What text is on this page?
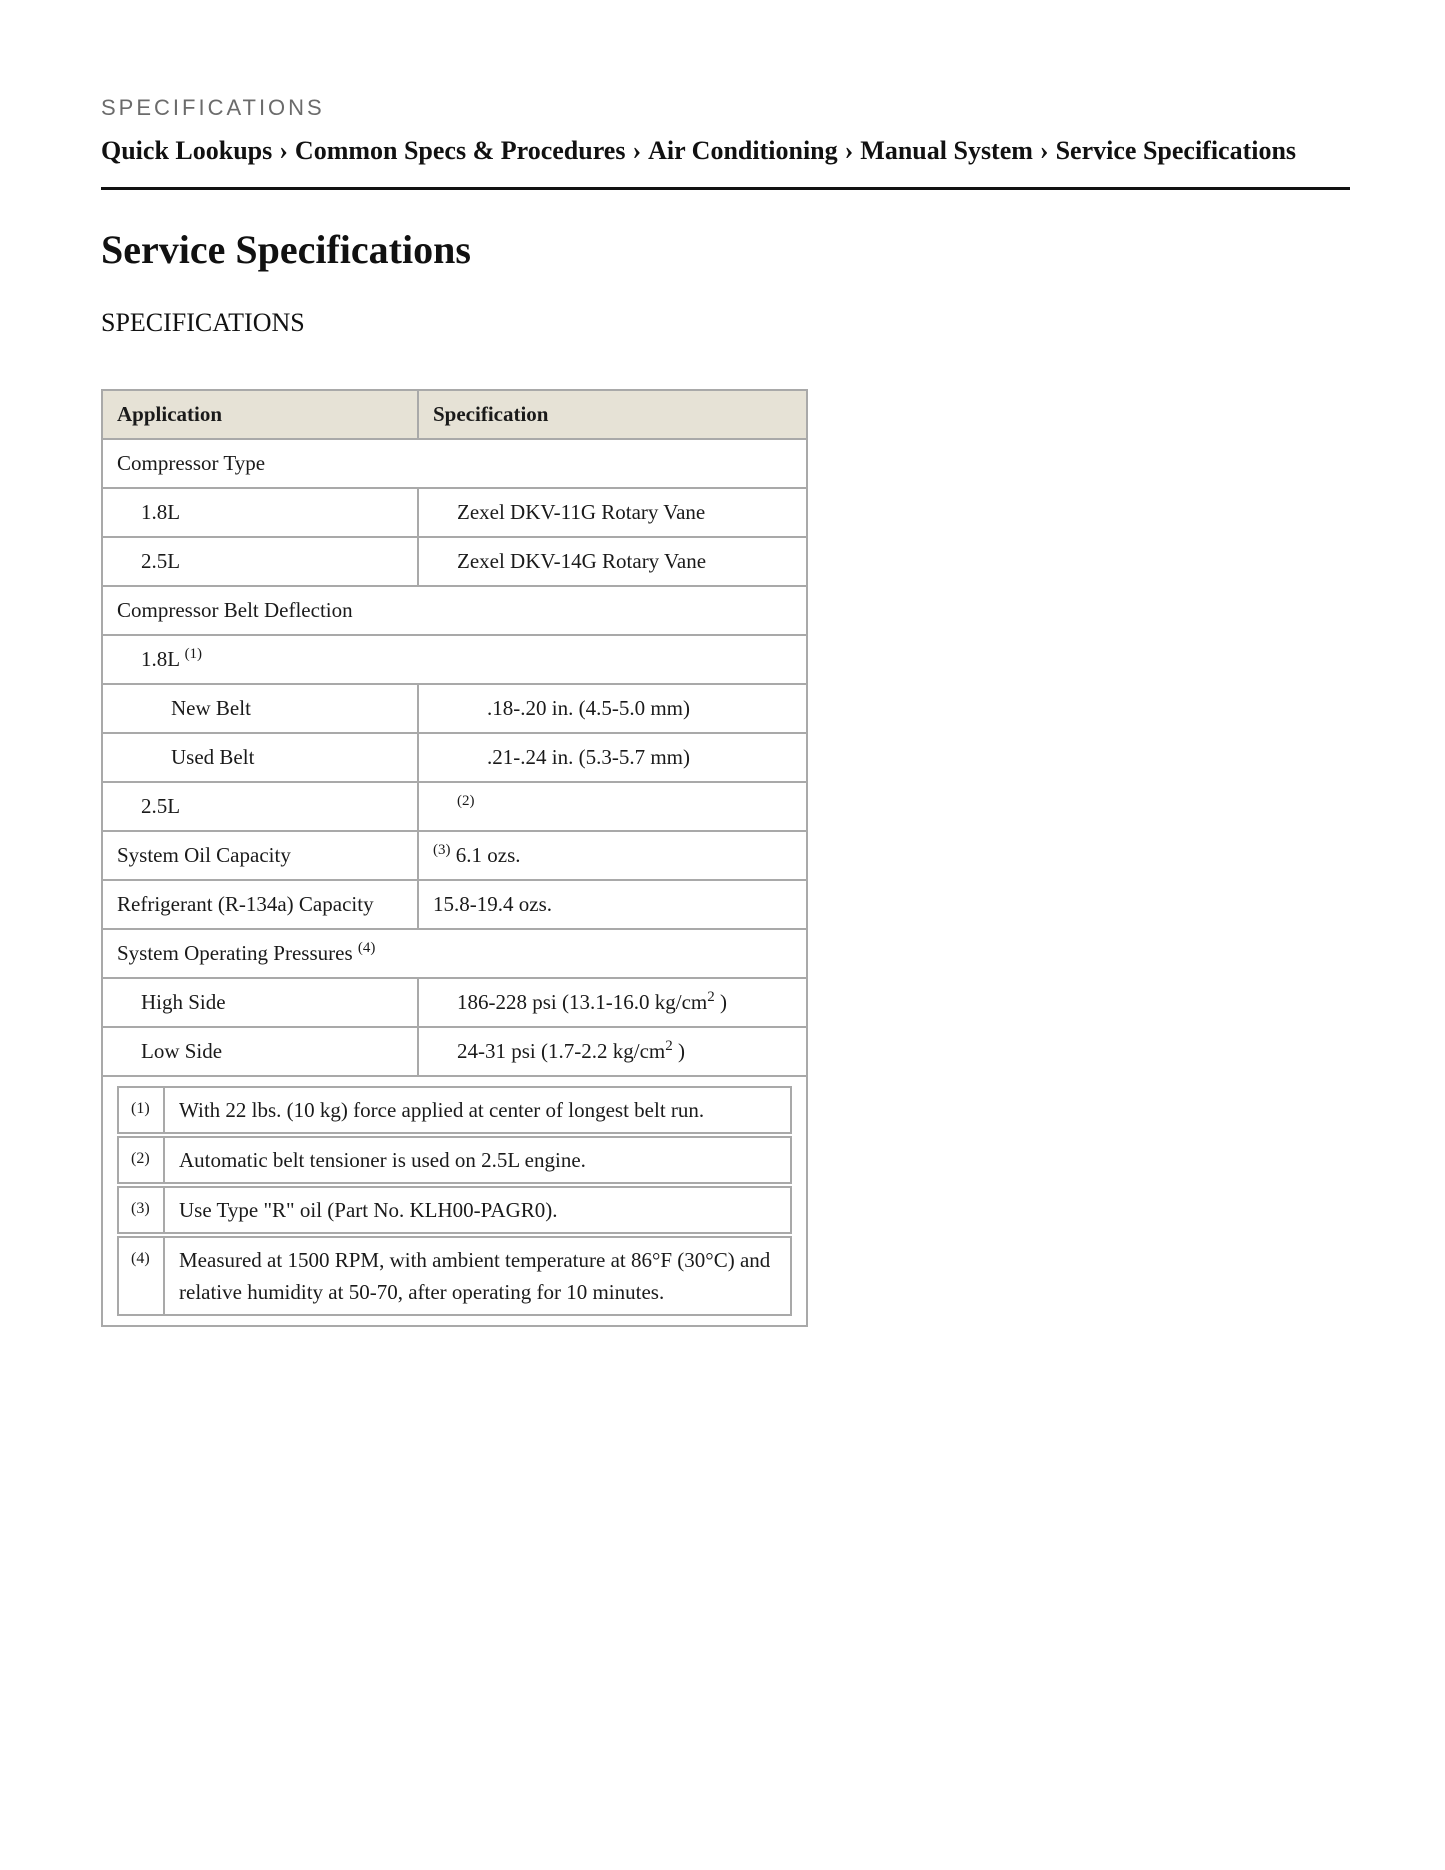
SPECIFICATIONS
Quick Lookups › Common Specs & Procedures › Air Conditioning › Manual System › Service Specifications
Service Specifications
SPECIFICATIONS
Application	Specification
Compressor Type
1.8L	Zexel DKV-11G Rotary Vane
2.5L	Zexel DKV-14G Rotary Vane
Compressor Belt Deflection
1.8L $^{(1)}$
New Belt	.18-.20 in. (4.5-5.0 mm)
Used Belt	.21-.24 in. (5.3-5.7 mm)
2.5L	$^{(2)}$
System Oil Capacity	$^{(3)}$ 6.1 ozs.
Refrigerant (R-134a) Capacity	15.8-19.4 ozs.
System Operating Pressures $^{(4)}$
High Side	186-228 psi (13.1-16.0 $kg/cm^2$ )
Low Side	24-31 psi (1.7-2.2 $kg/cm^2$ )

(1)	With 22 lbs. (10 kg) force applied at center of longest belt run.
(2)	Automatic belt tensioner is used on 2.5L engine.
(3)	Use Type "R" oil (Part No. KLH00-PAGR0).
(4)	Measured at 1500 RPM, with ambient temperature at 86°F (30°C) and relative humidity at 50-70, after operating for 10 minutes.
